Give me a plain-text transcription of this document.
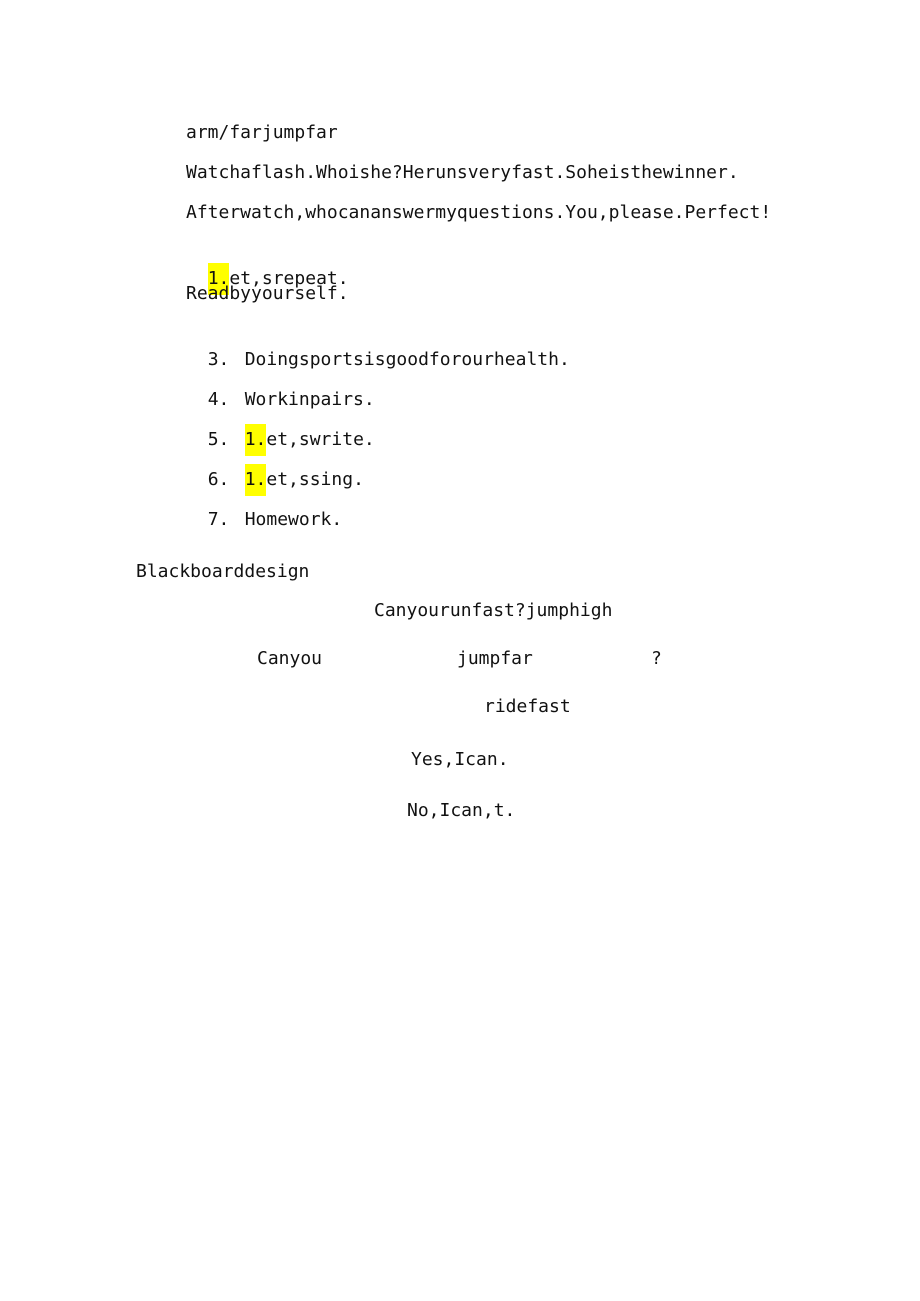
arm/farjumpfar
Watchaflash.Whoishe?Herunsveryfast.Soheisthewinner.
Afterwatch,whocananswermyquestions.You,please.Perfect!

1.et,srepeat.

Readbyyourself.

3. Doingsportsisgoodforourhealth.

4. Workinpairs.

5. 1.et,swrite.

6. 1.et,ssing.

7. Homework.

Blackboarddesign
Canyourunfast?jumphigh
Canyou	jumpfar	?
ridefast
Yes,Ican.
No,Ican,t.
